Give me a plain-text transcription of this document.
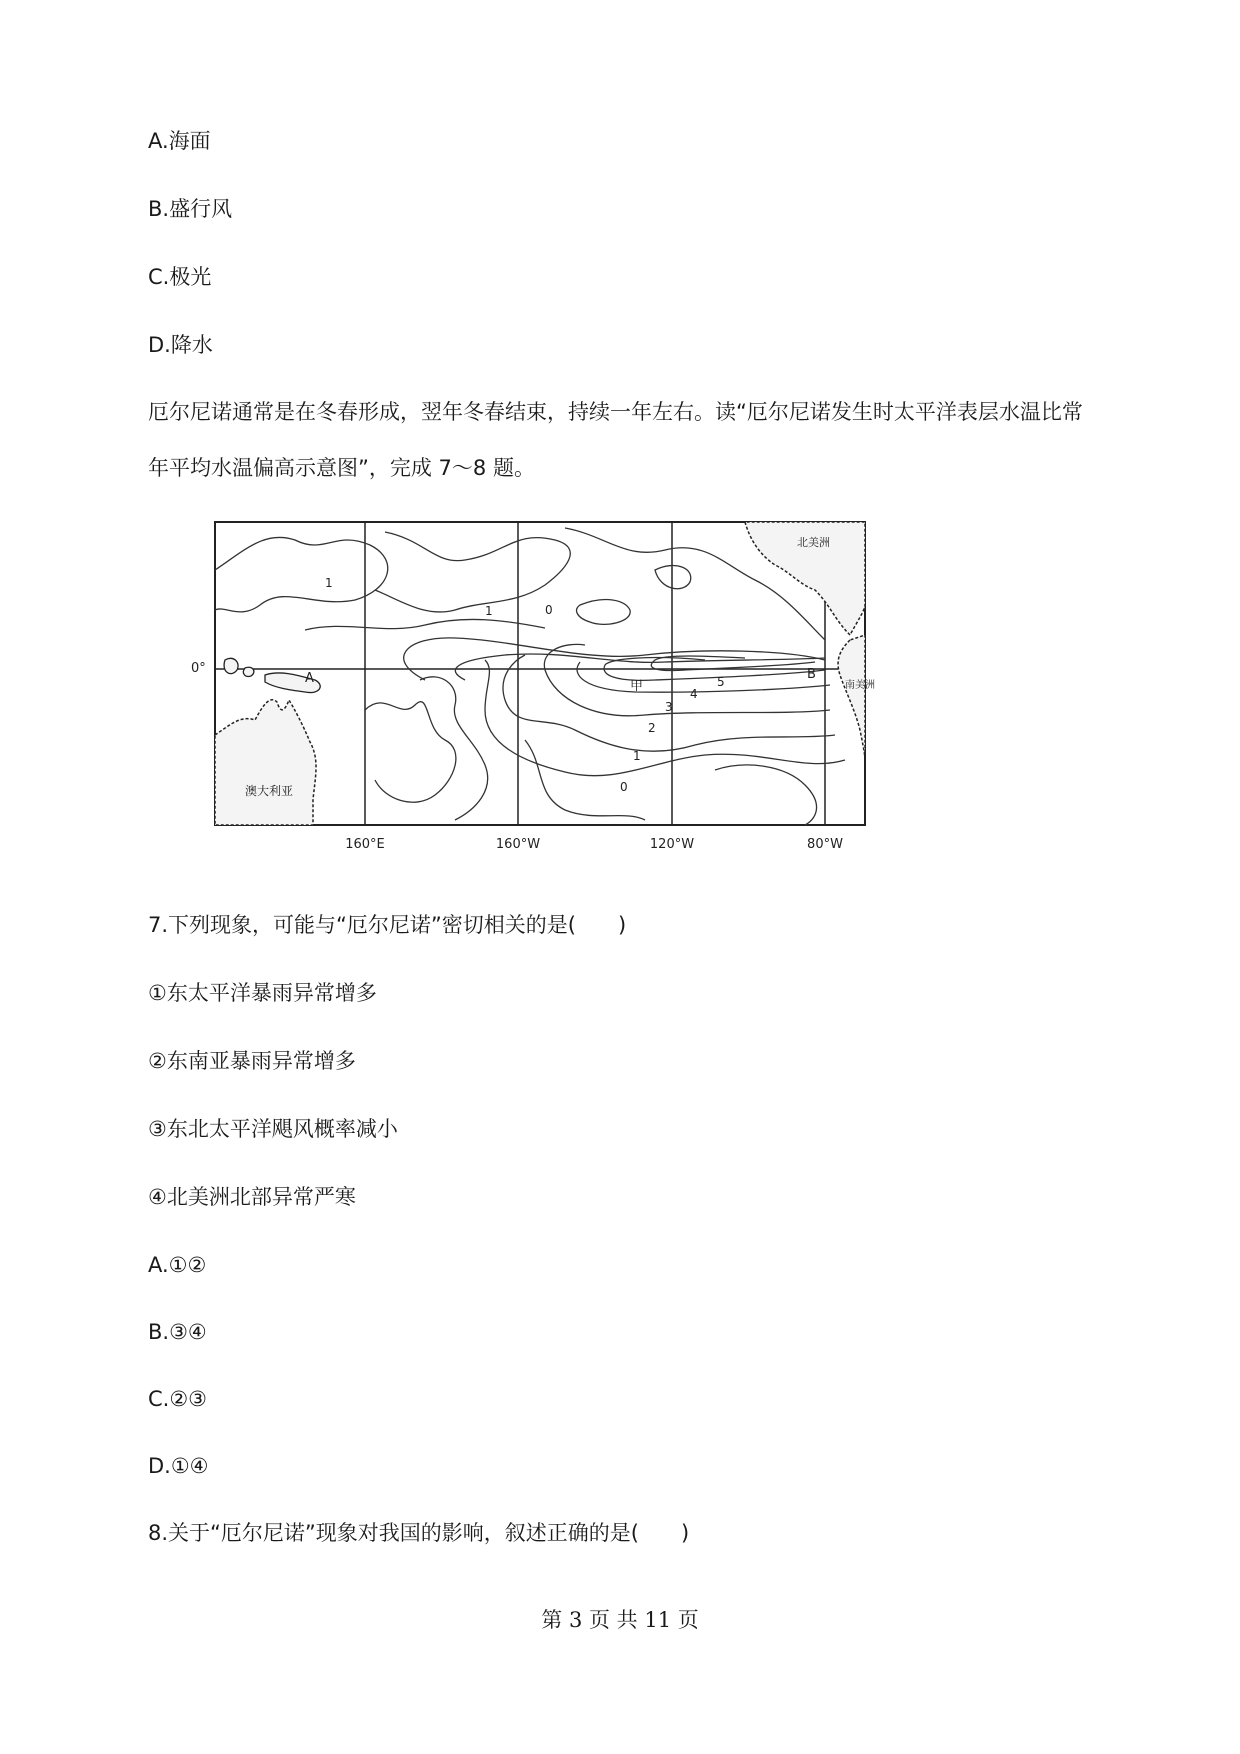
A.海面
B.盛行风
C.极光
D.降水
厄尔尼诺通常是在冬春形成，翌年冬春结束，持续一年左右。读“厄尔尼诺发生时太平洋表层水温比常年平均水温偏高示意图”，完成 7～8 题。
0°
160°E	160°W	120°W	80°W
澳大利亚
北美洲
南美洲
A	B
甲
1
1	0
5
4
3
2
1
0
7.下列现象，可能与“厄尔尼诺”密切相关的是(　　)
①东太平洋暴雨异常增多
②东南亚暴雨异常增多
③东北太平洋飓风概率减小
④北美洲北部异常严寒
A.①②
B.③④
C.②③
D.①④
8.关于“厄尔尼诺”现象对我国的影响，叙述正确的是(　　)
第 3 页 共 11 页
